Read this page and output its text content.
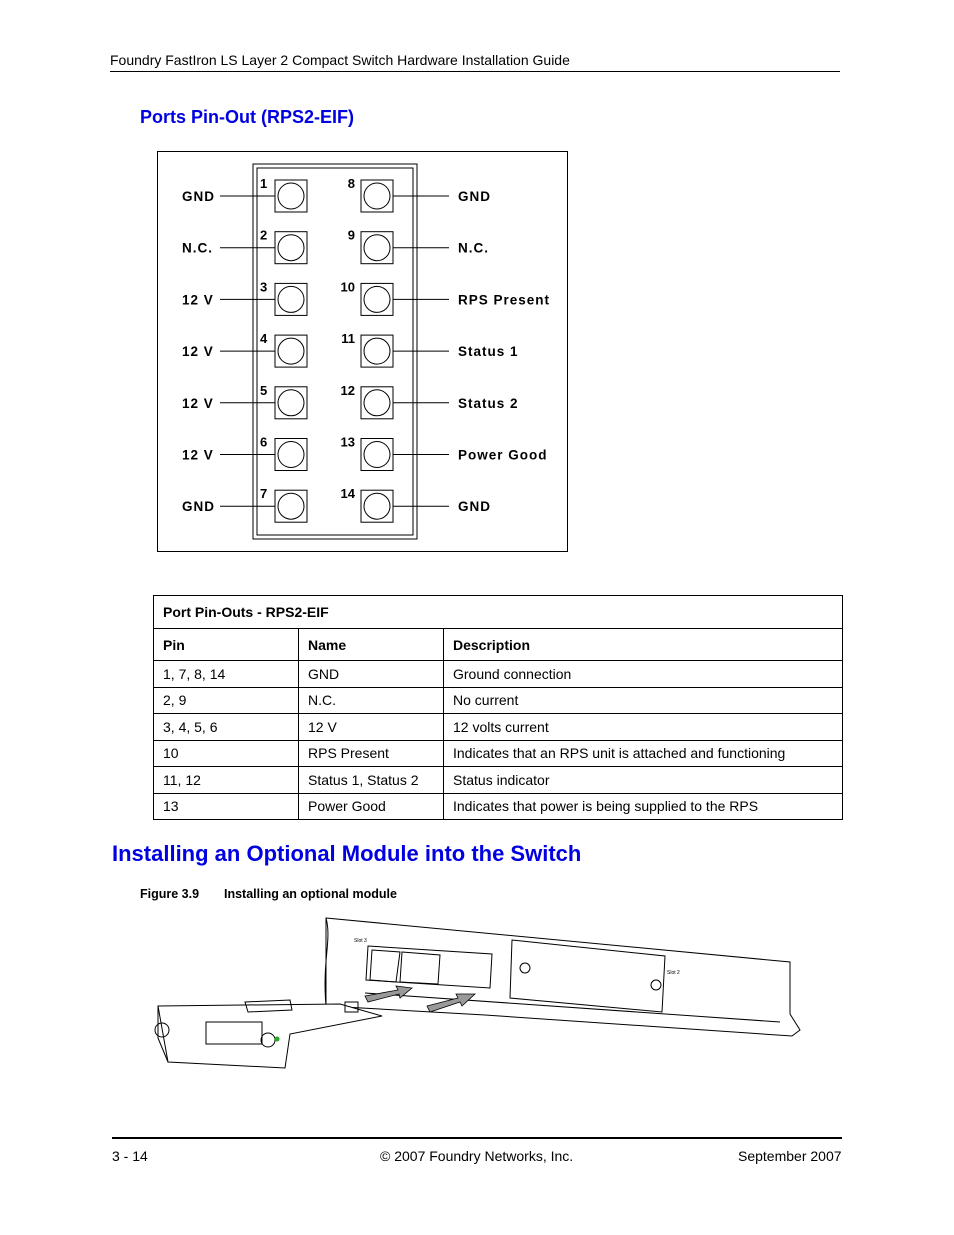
Foundry FastIron LS Layer 2 Compact Switch Hardware Installation Guide
Ports Pin-Out (RPS2-EIF)
1
GND
8
GND
2
N.C.
9
N.C.
3
12 V
10
RPS Present
4
12 V
11
Status 1
5
12 V
12
Status 2
6
12 V
13
Power Good
7
GND
14
GND
Port Pin-Outs - RPS2-EIF		
Pin	Name	Description
1, 7, 8, 14	GND	Ground connection
2, 9	N.C.	No current
3, 4, 5, 6	12 V	12 volts current
10	RPS Present	Indicates that an RPS unit is attached and functioning
11, 12	Status 1, Status 2	Status indicator
13	Power Good	Indicates that power is being supplied to the RPS
Installing an Optional Module into the Switch
Figure 3.9 Installing an optional module
Slot 3
Slot 2
3 - 14	© 2007 Foundry Networks, Inc.	September 2007
